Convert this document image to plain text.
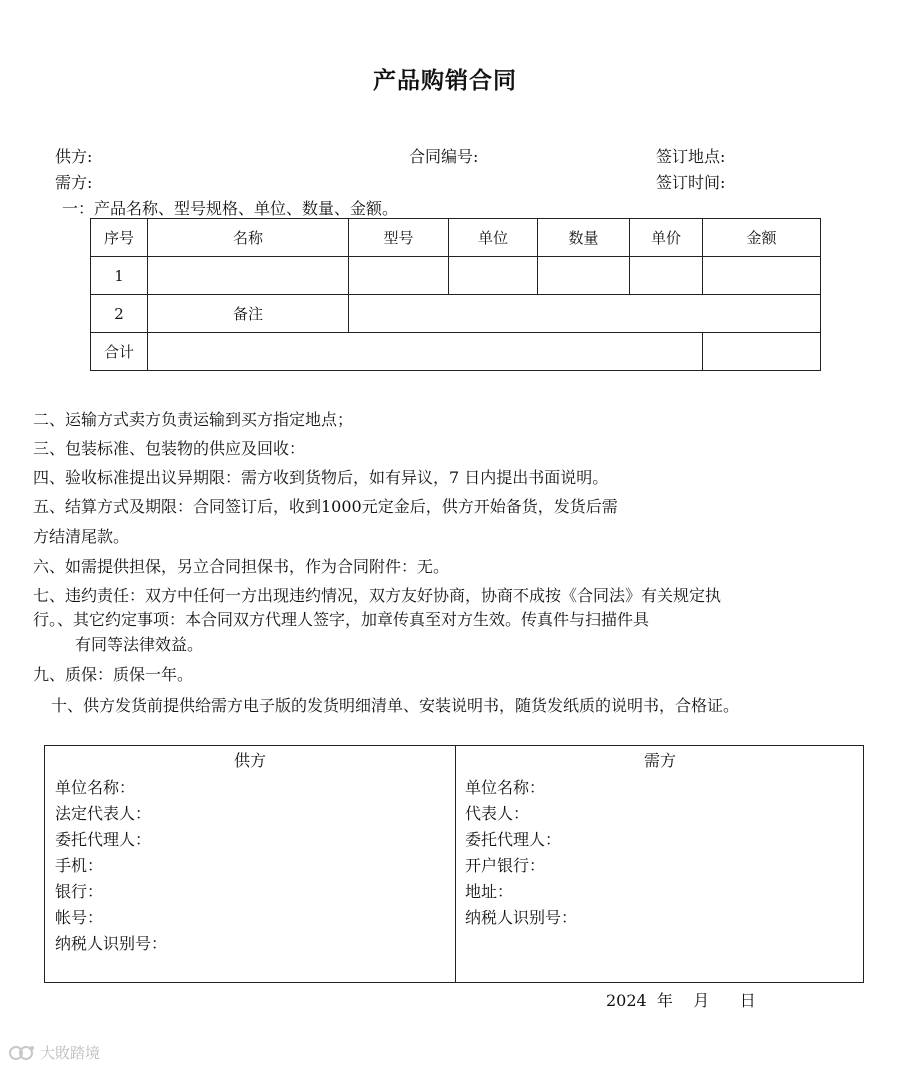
产品购销合同
供方:	合同编号:	签订地点:
需方:	签订时间:
一：产品名称、型号规格、单位、数量、金额。
序号	名称	型号	单位	数量	单价	金额
1						
2	备注					
合计						
二、运输方式卖方负责运输到买方指定地点；
三、包装标准、包装物的供应及回收：
四、验收标准提出议异期限：需方收到货物后，如有异议，7 日内提出书面说明。
五、结算方式及期限：合同签订后，收到1000元定金后，供方开始备货，发货后需
方结清尾款。
六、如需提供担保，另立合同担保书，作为合同附件：无。
七、违约责任：双方中任何一方出现违约情况，双方友好协商，协商不成按《合同法》有关规定执
行。、其它约定事项：本合同双方代理人签字，加章传真至对方生效。传真件与扫描件具
有同等法律效益。
九、质保：质保一年。
十、供方发货前提供给需方电子版的发货明细清单、安装说明书，随货发纸质的说明书，合格证。
供方
单位名称：
法定代表人：
委托代理人：
手机：
银行：
帐号：
纳税人识别号：
需方
单位名称：
代表人：
委托代理人：
开户银行：
地址：
纳税人识别号：
2024  年    月      日
大敗踏境
